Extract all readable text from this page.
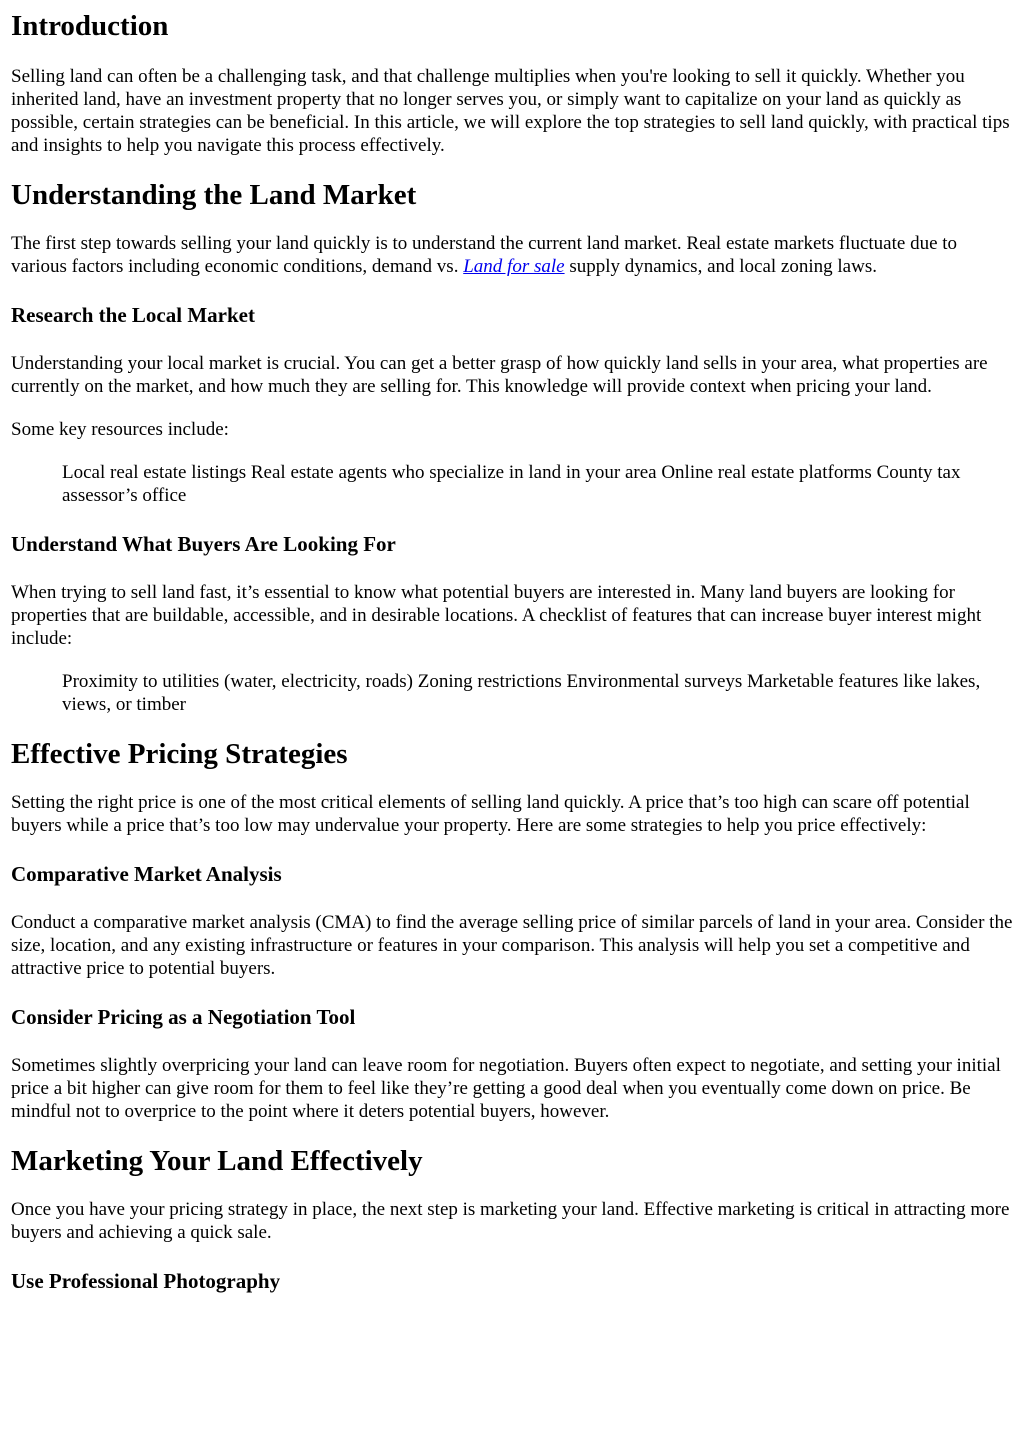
Introduction

Selling land can often be a challenging task, and that challenge multiplies when you're looking to sell it quickly. Whether you inherited land, have an investment property that no longer serves you, or simply want to capitalize on your land as quickly as possible, certain strategies can be beneficial. In this article, we will explore the top strategies to sell land quickly, with practical tips and insights to help you navigate this process effectively.

Understanding the Land Market

The first step towards selling your land quickly is to understand the current land market. Real estate markets fluctuate due to various factors including economic conditions, demand vs. Land for sale supply dynamics, and local zoning laws.

Research the Local Market

Understanding your local market is crucial. You can get a better grasp of how quickly land sells in your area, what properties are currently on the market, and how much they are selling for. This knowledge will provide context when pricing your land.

Some key resources include:

Local real estate listings Real estate agents who specialize in land in your area Online real estate platforms County tax assessor’s office

Understand What Buyers Are Looking For

When trying to sell land fast, it’s essential to know what potential buyers are interested in. Many land buyers are looking for properties that are buildable, accessible, and in desirable locations. A checklist of features that can increase buyer interest might include:

Proximity to utilities (water, electricity, roads) Zoning restrictions Environmental surveys Marketable features like lakes, views, or timber

Effective Pricing Strategies

Setting the right price is one of the most critical elements of selling land quickly. A price that’s too high can scare off potential buyers while a price that’s too low may undervalue your property. Here are some strategies to help you price effectively:

Comparative Market Analysis

Conduct a comparative market analysis (CMA) to find the average selling price of similar parcels of land in your area. Consider the size, location, and any existing infrastructure or features in your comparison. This analysis will help you set a competitive and attractive price to potential buyers.

Consider Pricing as a Negotiation Tool

Sometimes slightly overpricing your land can leave room for negotiation. Buyers often expect to negotiate, and setting your initial price a bit higher can give room for them to feel like they’re getting a good deal when you eventually come down on price. Be mindful not to overprice to the point where it deters potential buyers, however.

Marketing Your Land Effectively

Once you have your pricing strategy in place, the next step is marketing your land. Effective marketing is critical in attracting more buyers and achieving a quick sale.

Use Professional Photography
